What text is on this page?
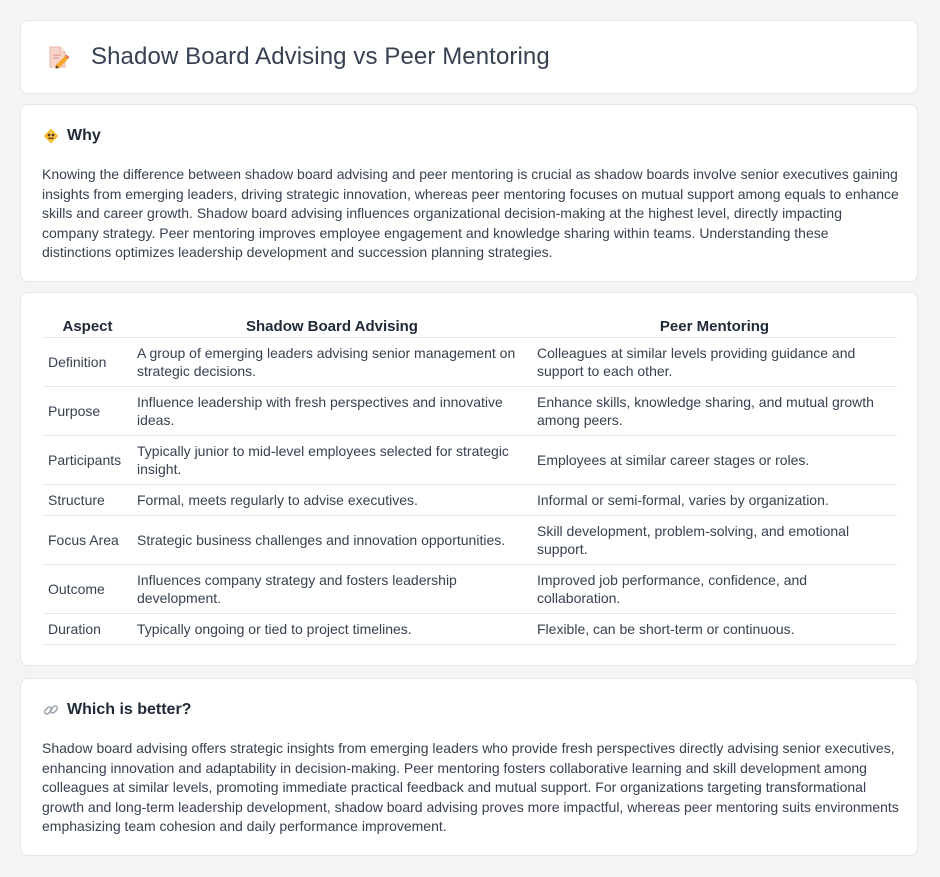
Shadow Board Advising vs Peer Mentoring
Why

Knowing the difference between shadow board advising and peer mentoring is crucial as shadow boards involve senior executives gaining insights from emerging leaders, driving strategic innovation, whereas peer mentoring focuses on mutual support among equals to enhance skills and career growth. Shadow board advising influences organizational decision-making at the highest level, directly impacting company strategy. Peer mentoring improves employee engagement and knowledge sharing within teams. Understanding these distinctions optimizes leadership development and succession planning strategies.

Aspect	Shadow Board Advising	Peer Mentoring
Definition	A group of emerging leaders advising senior management on strategic decisions.	Colleagues at similar levels providing guidance and support to each other.
Purpose	Influence leadership with fresh perspectives and innovative ideas.	Enhance skills, knowledge sharing, and mutual growth among peers.
Participants	Typically junior to mid-level employees selected for strategic insight.	Employees at similar career stages or roles.
Structure	Formal, meets regularly to advise executives.	Informal or semi-formal, varies by organization.
Focus Area	Strategic business challenges and innovation opportunities.	Skill development, problem-solving, and emotional support.
Outcome	Influences company strategy and fosters leadership development.	Improved job performance, confidence, and collaboration.
Duration	Typically ongoing or tied to project timelines.	Flexible, can be short-term or continuous.
Which is better?

Shadow board advising offers strategic insights from emerging leaders who provide fresh perspectives directly advising senior executives, enhancing innovation and adaptability in decision-making. Peer mentoring fosters collaborative learning and skill development among colleagues at similar levels, promoting immediate practical feedback and mutual support. For organizations targeting transformational growth and long-term leadership development, shadow board advising proves more impactful, whereas peer mentoring suits environments emphasizing team cohesion and daily performance improvement.
